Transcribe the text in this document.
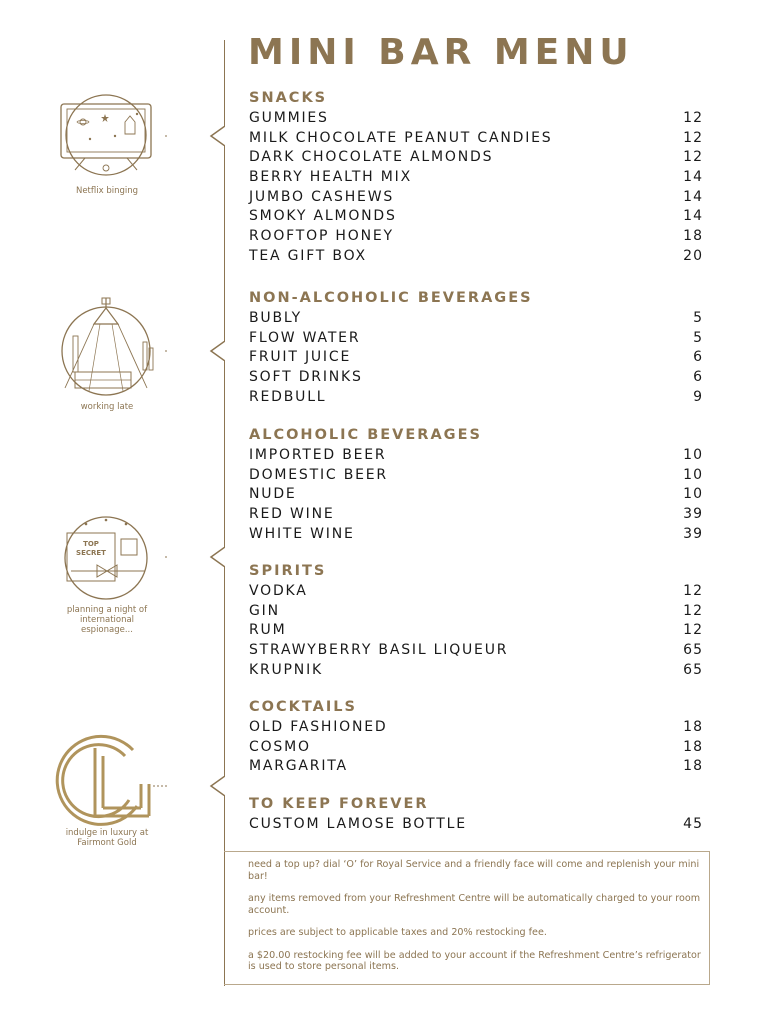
MINI BAR MENU
SNACKS
GUMMIES	12
MILK CHOCOLATE PEANUT CANDIES	12
DARK CHOCOLATE ALMONDS	12
BERRY HEALTH MIX	14
JUMBO CASHEWS	14
SMOKY ALMONDS	14
ROOFTOP HONEY	18
TEA GIFT BOX	20
NON-ALCOHOLIC BEVERAGES
BUBLY	5
FLOW WATER	5
FRUIT JUICE	6
SOFT DRINKS	6
REDBULL	9
ALCOHOLIC BEVERAGES
IMPORTED BEER	10
DOMESTIC BEER	10
NUDE	10
RED WINE	39
WHITE WINE	39
SPIRITS
VODKA	12
GIN	12
RUM	12
STRAWYBERRY BASIL LIQUEUR	65
KRUPNIK	65
COCKTAILS
OLD FASHIONED	18
COSMO	18
MARGARITA	18
TO KEEP FOREVER
CUSTOM LAMOSE BOTTLE	45

need a top up? dial ‘O’ for Royal Service and a friendly face will come and replenish your mini bar!

any items removed from your Refreshment Centre will be automatically charged to your room account.

prices are subject to applicable taxes and 20% restocking fee.

a $20.00 restocking fee will be added to your account if the Refreshment Centre’s refrigerator is used to store personal items.

Netflix binging
working late
TOP
SECRET
planning a night of international espionage...
indulge in luxury at Fairmont Gold
